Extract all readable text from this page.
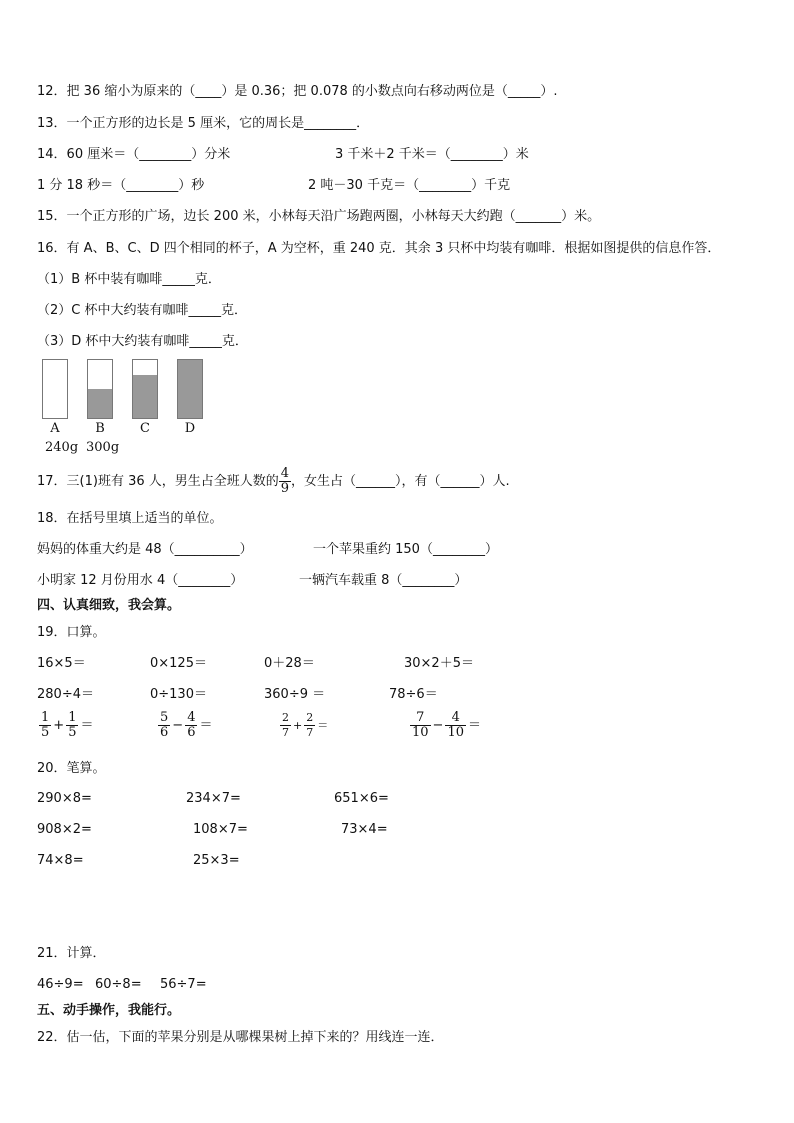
12．把 36 缩小为原来的（____）是 0.36；把 0.078 的小数点向右移动两位是（_____）.
13．一个正方形的边长是 5 厘米，它的周长是________．
14．60 厘米＝（________）分米	3 千米＋2 千米＝（________）米
1 分 18 秒＝（________）秒	2 吨－30 千克＝（________）千克
15．一个正方形的广场，边长 200 米，小林每天沿广场跑两圈，小林每天大约跑（_______）米。
16．有 A、B、C、D 四个相同的杯子，A 为空杯，重 240 克．其余 3 只杯中均装有咖啡．根据如图提供的信息作答．
（1）B 杯中装有咖啡_____克．
（2）C 杯中大约装有咖啡_____克．
（3）D 杯中大约装有咖啡_____克．
17．三(1)班有 36 人，男生占全班人数的 $\frac{4}{9}$ ，女生占（______），有（______）人.
18．在括号里填上适当的单位。
妈妈的体重大约是 48（__________）	一个苹果重约 150（________）
小明家 12 月份用水 4（________）	一辆汽车载重 8（________）
四、认真细致，我会算。
19．口算。
16×5＝	0×125＝	0＋28＝	30×2＋5＝
280÷4＝	0÷130＝	360÷9 ＝	78÷6＝
$\frac{1}{5} + \frac{1}{5}$ ＝	$\frac{5}{6} - \frac{4}{6}$ ＝	$\frac{2}{7} + \frac{2}{7}$ ＝	$\frac{7}{10} - \frac{4}{10}$ ＝
20．笔算。
290×8=	234×7=	651×6=
908×2=	108×7=	73×4=
74×8=	25×3=
21．计算．
46÷9= 60÷8= 56÷7=
五、动手操作，我能行。
22．估一估，下面的苹果分别是从哪棵果树上掉下来的？用线连一连．
A
240g
B
300g
C	D
